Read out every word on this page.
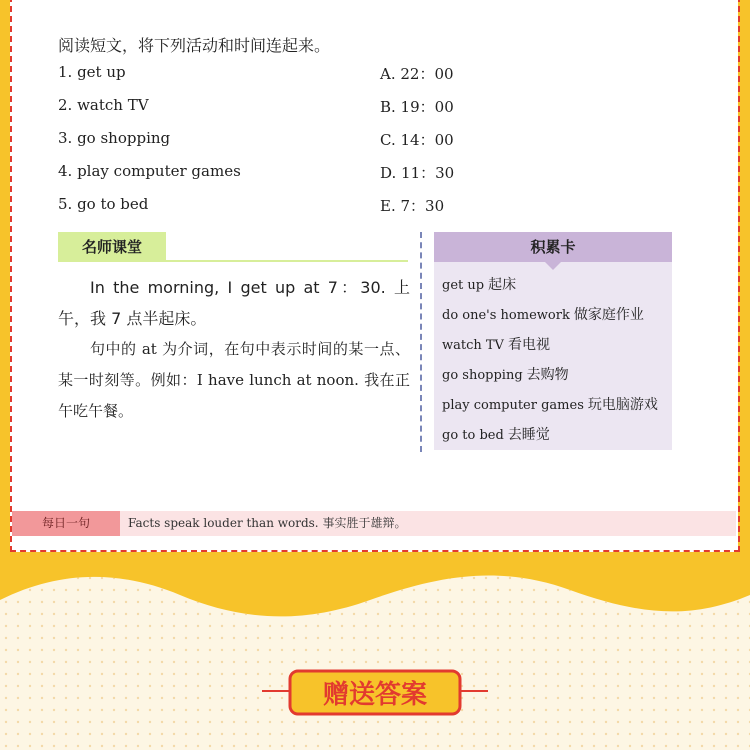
阅读短文，将下列活动和时间连起来。
1. get up	A. 22：00
2. watch TV	B. 19：00
3. go shopping	C. 14：00
4. play computer games	D. 11：30
5. go to bed	E. 7：30
名师课堂

In the morning, I get up at 7：30. 上午，我 7 点半起床。

句中的 at 为介词，在句中表示时间的某一点、某一时刻等。例如：I have lunch at noon. 我在正午吃午餐。

积累卡
get up 起床
do one's homework 做家庭作业
watch TV 看电视
go shopping 去购物
play computer games 玩电脑游戏
go to bed 去睡觉
每日一句	Facts speak louder than words. 事实胜于雄辩。
赠送答案
